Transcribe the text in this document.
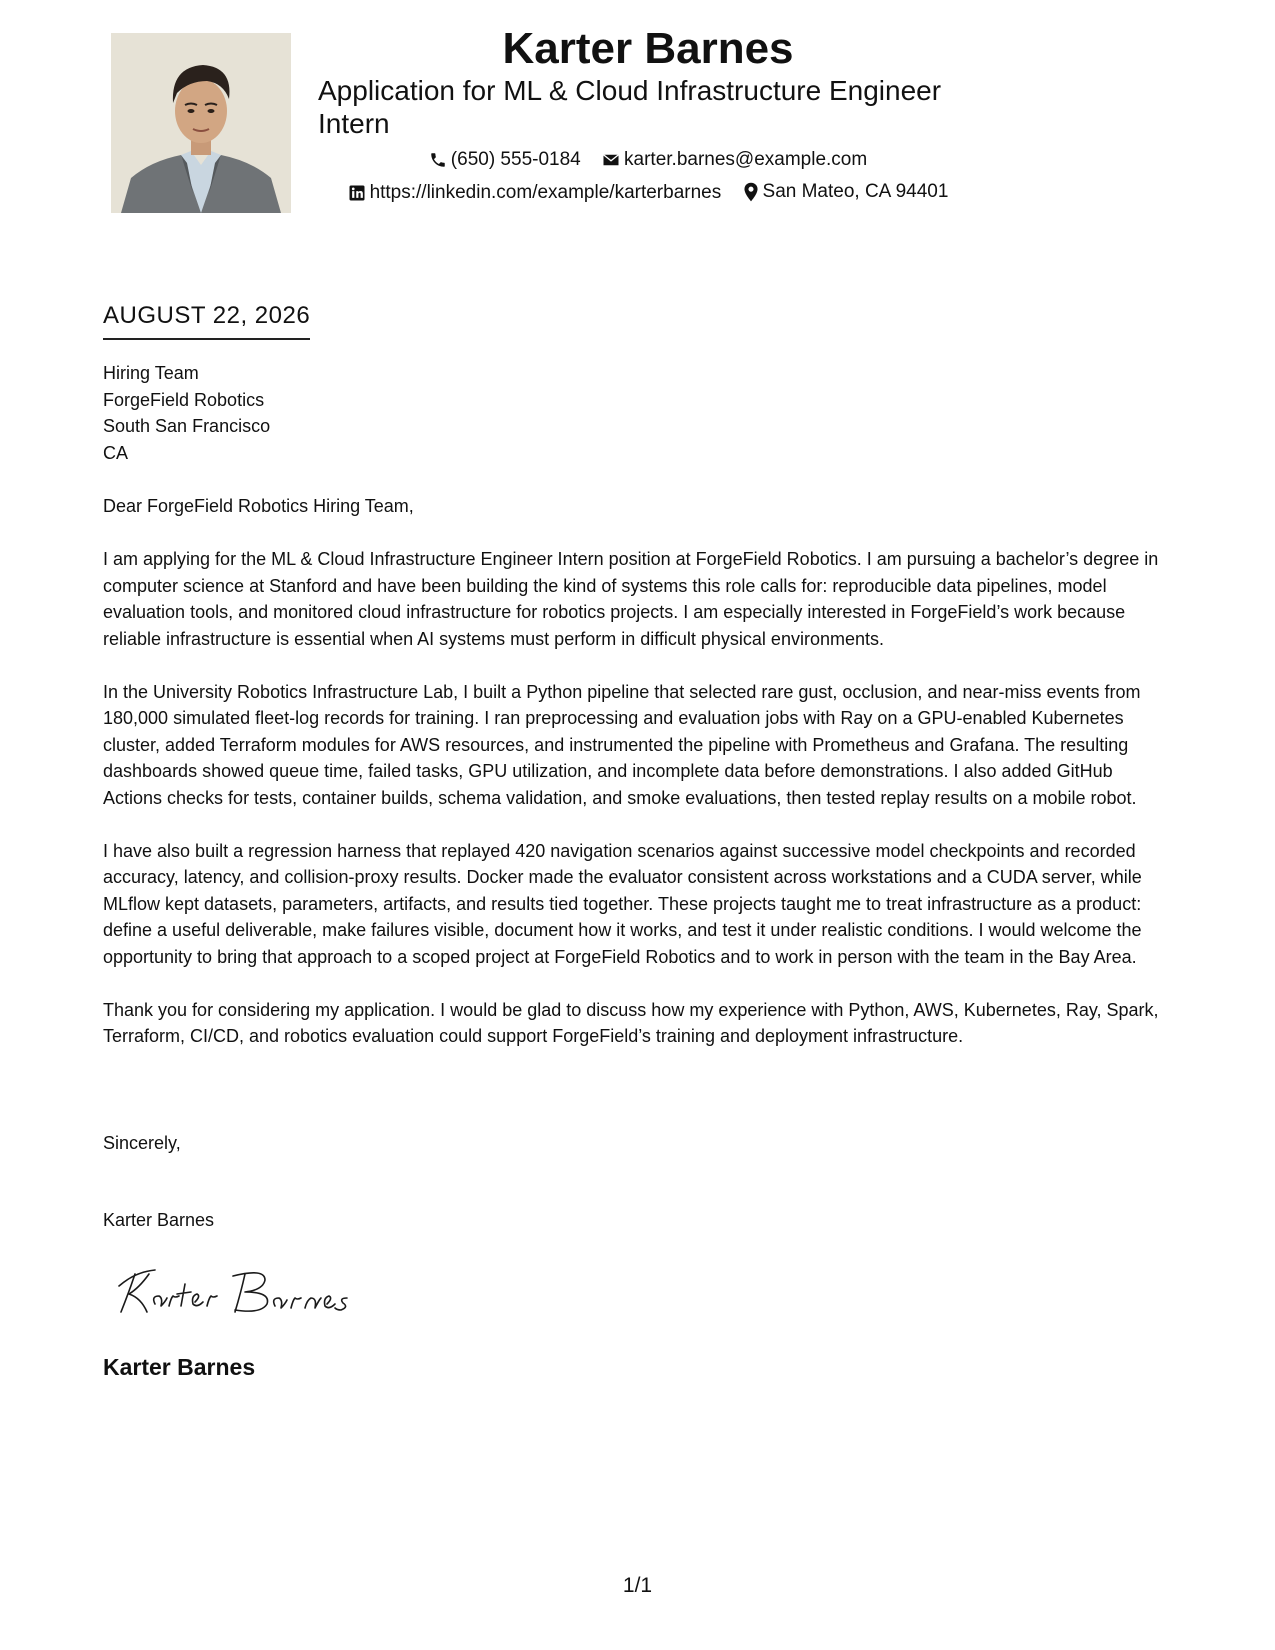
Karter Barnes
Application for ML & Cloud Infrastructure Engineer Intern
(650) 555-0184
karter.barnes@example.com
https://linkedin.com/example/karterbarnes
San Mateo, CA 94401
AUGUST 22, 2026
Hiring Team
ForgeField Robotics
South San Francisco
CA

Dear ForgeField Robotics Hiring Team,

I am applying for the ML & Cloud Infrastructure Engineer Intern position at ForgeField Robotics. I am pursuing a bachelor’s degree in computer science at Stanford and have been building the kind of systems this role calls for: reproducible data pipelines, model evaluation tools, and monitored cloud infrastructure for robotics projects. I am especially interested in ForgeField’s work because reliable infrastructure is essential when AI systems must perform in difficult physical environments.

In the University Robotics Infrastructure Lab, I built a Python pipeline that selected rare gust, occlusion, and near-miss events from 180,000 simulated fleet-log records for training. I ran preprocessing and evaluation jobs with Ray on a GPU-enabled Kubernetes cluster, added Terraform modules for AWS resources, and instrumented the pipeline with Prometheus and Grafana. The resulting dashboards showed queue time, failed tasks, GPU utilization, and incomplete data before demonstrations. I also added GitHub Actions checks for tests, container builds, schema validation, and smoke evaluations, then tested replay results on a mobile robot.

I have also built a regression harness that replayed 420 navigation scenarios against successive model checkpoints and recorded accuracy, latency, and collision-proxy results. Docker made the evaluator consistent across workstations and a CUDA server, while MLflow kept datasets, parameters, artifacts, and results tied together. These projects taught me to treat infrastructure as a product: define a useful deliverable, make failures visible, document how it works, and test it under realistic conditions. I would welcome the opportunity to bring that approach to a scoped project at ForgeField Robotics and to work in person with the team in the Bay Area.

Thank you for considering my application. I would be glad to discuss how my experience with Python, AWS, Kubernetes, Ray, Spark, Terraform, CI/CD, and robotics evaluation could support ForgeField’s training and deployment infrastructure.

Sincerely,
Karter Barnes
Karter Barnes
1/1
